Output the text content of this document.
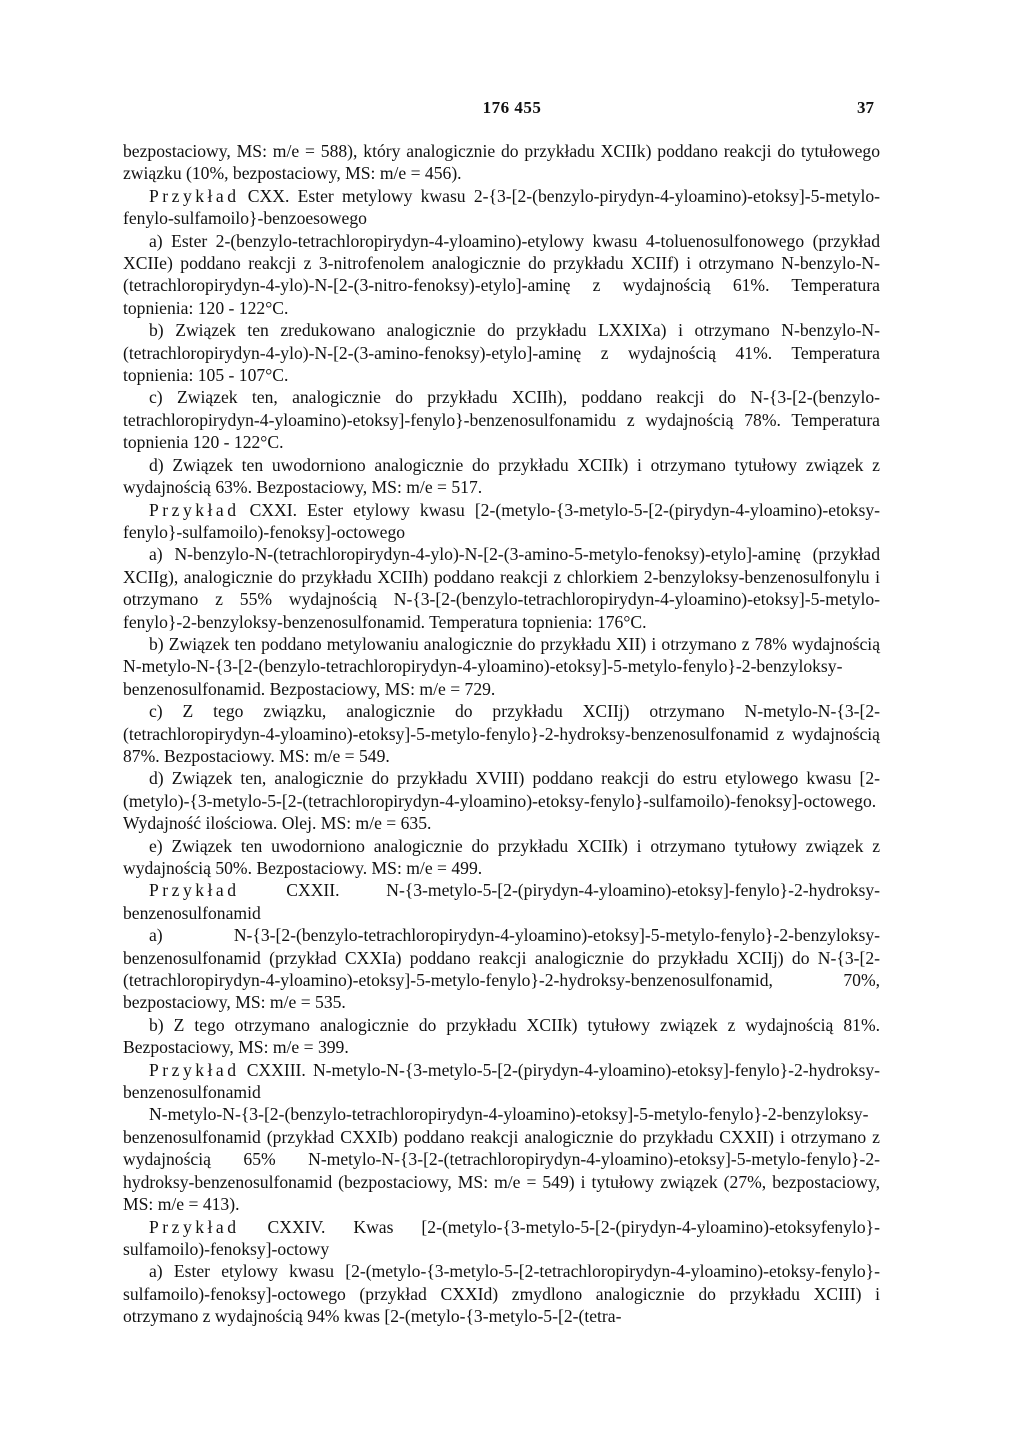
176 455	37

bezpostaciowy, MS: m/e = 588), który analogicznie do przykładu XCIIk) poddano reakcji do tytułowego związku (10%, bezpostaciowy, MS: m/e = 456).

Przykład CXX. Ester metylowy kwasu 2-{3-[2-(benzylo-pirydyn-4-yloamino)-etoksy]-5-metylo-fenylo-sulfamoilo}-benzoesowego

a) Ester 2-(benzylo-tetrachloropirydyn-4-yloamino)-etylowy kwasu 4-toluenosulfonowego (przykład XCIIe) poddano reakcji z 3-nitrofenolem analogicznie do przykładu XCIIf) i otrzymano N-benzylo-N-(tetrachloropirydyn-4-ylo)-N-[2-(3-nitro-fenoksy)-etylo]-aminę z wydajnością 61%. Temperatura topnienia: 120 - 122°C.

b) Związek ten zredukowano analogicznie do przykładu LXXIXa) i otrzymano N-benzylo-N-(tetrachloropirydyn-4-ylo)-N-[2-(3-amino-fenoksy)-etylo]-aminę z wydajnością 41%. Temperatura topnienia: 105 - 107°C.

c) Związek ten, analogicznie do przykładu XCIIh), poddano reakcji do N-{3-[2-(benzylo-tetrachloropirydyn-4-yloamino)-etoksy]-fenylo}-benzenosulfonamidu z wydajnością 78%. Temperatura topnienia 120 - 122°C.

d) Związek ten uwodorniono analogicznie do przykładu XCIIk) i otrzymano tytułowy związek z wydajnością 63%. Bezpostaciowy, MS: m/e = 517.

Przykład CXXI. Ester etylowy kwasu [2-(metylo-{3-metylo-5-[2-(pirydyn-4-yloamino)-etoksy-fenylo}-sulfamoilo)-fenoksy]-octowego

a) N-benzylo-N-(tetrachloropirydyn-4-ylo)-N-[2-(3-amino-5-metylo-fenoksy)-etylo]-aminę (przykład XCIIg), analogicznie do przykładu XCIIh) poddano reakcji z chlorkiem 2-benzyloksy-benzenosulfonylu i otrzymano z 55% wydajnością N-{3-[2-(benzylo-tetrachloropirydyn-4-yloamino)-etoksy]-5-metylo-fenylo}-2-benzyloksy-benzenosulfonamid. Temperatura topnienia: 176°C.

b) Związek ten poddano metylowaniu analogicznie do przykładu XII) i otrzymano z 78% wydajnością N-metylo-N-{3-[2-(benzylo-tetrachloropirydyn-4-yloamino)-etoksy]-5-metylo-fenylo}-2-benzyloksy-benzenosulfonamid. Bezpostaciowy, MS: m/e = 729.

c) Z tego związku, analogicznie do przykładu XCIIj) otrzymano N-metylo-N-{3-[2-(tetrachloropirydyn-4-yloamino)-etoksy]-5-metylo-fenylo}-2-hydroksy-benzenosulfonamid z wydajnością 87%. Bezpostaciowy. MS: m/e = 549.

d) Związek ten, analogicznie do przykładu XVIII) poddano reakcji do estru etylowego kwasu [2-(metylo)-{3-metylo-5-[2-(tetrachloropirydyn-4-yloamino)-etoksy-fenylo}-sulfamoilo)-fenoksy]-octowego. Wydajność ilościowa. Olej. MS: m/e = 635.

e) Związek ten uwodorniono analogicznie do przykładu XCIIk) i otrzymano tytułowy związek z wydajnością 50%. Bezpostaciowy. MS: m/e = 499.

Przykład CXXII. N-{3-metylo-5-[2-(pirydyn-4-yloamino)-etoksy]-fenylo}-2-hydroksy-benzenosulfonamid

a) N-{3-[2-(benzylo-tetrachloropirydyn-4-yloamino)-etoksy]-5-metylo-fenylo}-2-benzyloksy-benzenosulfonamid (przykład CXXIa) poddano reakcji analogicznie do przykładu XCIIj) do N-{3-[2-(tetrachloropirydyn-4-yloamino)-etoksy]-5-metylo-fenylo}-2-hydroksy-benzenosulfonamid, 70%, bezpostaciowy, MS: m/e = 535.

b) Z tego otrzymano analogicznie do przykładu XCIIk) tytułowy związek z wydajnością 81%. Bezpostaciowy, MS: m/e = 399.

Przykład CXXIII. N-metylo-N-{3-metylo-5-[2-(pirydyn-4-yloamino)-etoksy]-fenylo}-2-hydroksy-benzenosulfonamid

N-metylo-N-{3-[2-(benzylo-tetrachloropirydyn-4-yloamino)-etoksy]-5-metylo-fenylo}-2-benzyloksy-benzenosulfonamid (przykład CXXIb) poddano reakcji analogicznie do przykładu CXXII) i otrzymano z wydajnością 65% N-metylo-N-{3-[2-(tetrachloropirydyn-4-yloamino)-etoksy]-5-metylo-fenylo}-2-hydroksy-benzenosulfonamid (bezpostaciowy, MS: m/e = 549) i tytułowy związek (27%, bezpostaciowy, MS: m/e = 413).

Przykład CXXIV. Kwas [2-(metylo-{3-metylo-5-[2-(pirydyn-4-yloamino)-etoksyfenylo}-sulfamoilo)-fenoksy]-octowy

a) Ester etylowy kwasu [2-(metylo-{3-metylo-5-[2-tetrachloropirydyn-4-yloamino)-etoksy-fenylo}-sulfamoilo)-fenoksy]-octowego (przykład CXXId) zmydlono analogicznie do przykładu XCIII) i otrzymano z wydajnością 94% kwas [2-(metylo-{3-metylo-5-[2-(tetra-
